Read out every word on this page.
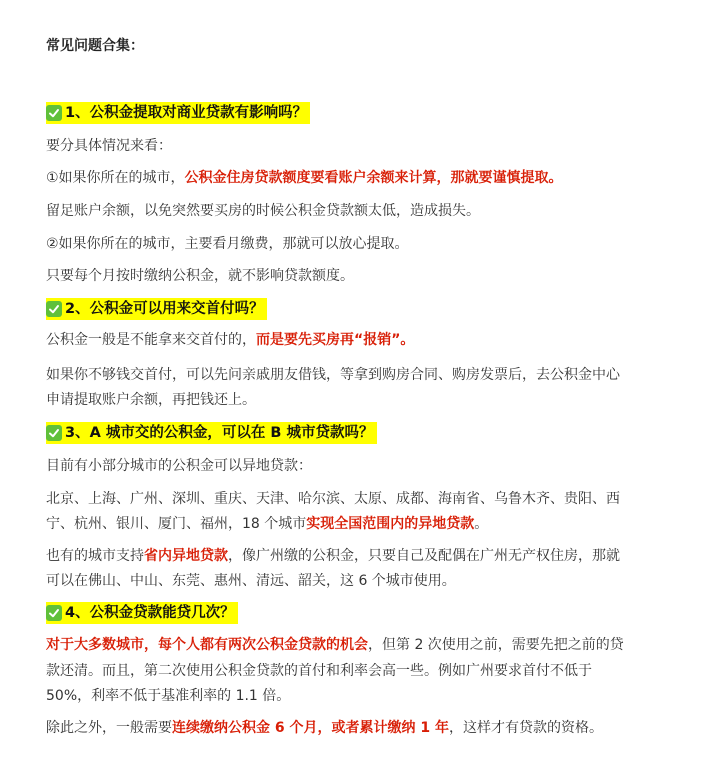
常见问题合集：
1、公积金提取对商业贷款有影响吗？
要分具体情况来看：
①如果你所在的城市，公积金住房贷款额度要看账户余额来计算，那就要谨慎提取。
留足账户余额，以免突然要买房的时候公积金贷款额太低，造成损失。
②如果你所在的城市，主要看月缴费，那就可以放心提取。
只要每个月按时缴纳公积金，就不影响贷款额度。
2、公积金可以用来交首付吗？
公积金一般是不能拿来交首付的，而是要先买房再“报销”。
如果你不够钱交首付，可以先问亲戚朋友借钱，等拿到购房合同、购房发票后，去公积金中心
申请提取账户余额，再把钱还上。
3、A 城市交的公积金，可以在 B 城市贷款吗？
目前有小部分城市的公积金可以异地贷款：
北京、上海、广州、深圳、重庆、天津、哈尔滨、太原、成都、海南省、乌鲁木齐、贵阳、西
宁、杭州、银川、厦门、福州，18 个城市实现全国范围内的异地贷款。
也有的城市支持省内异地贷款，像广州缴的公积金，只要自己及配偶在广州无产权住房，那就
可以在佛山、中山、东莞、惠州、清远、韶关，这 6 个城市使用。
4、公积金贷款能贷几次？
对于大多数城市，每个人都有两次公积金贷款的机会，但第 2 次使用之前，需要先把之前的贷
款还清。而且，第二次使用公积金贷款的首付和利率会高一些。例如广州要求首付不低于
50%，利率不低于基准利率的 1.1 倍。
除此之外，一般需要连续缴纳公积金 6 个月，或者累计缴纳 1 年，这样才有贷款的资格。
